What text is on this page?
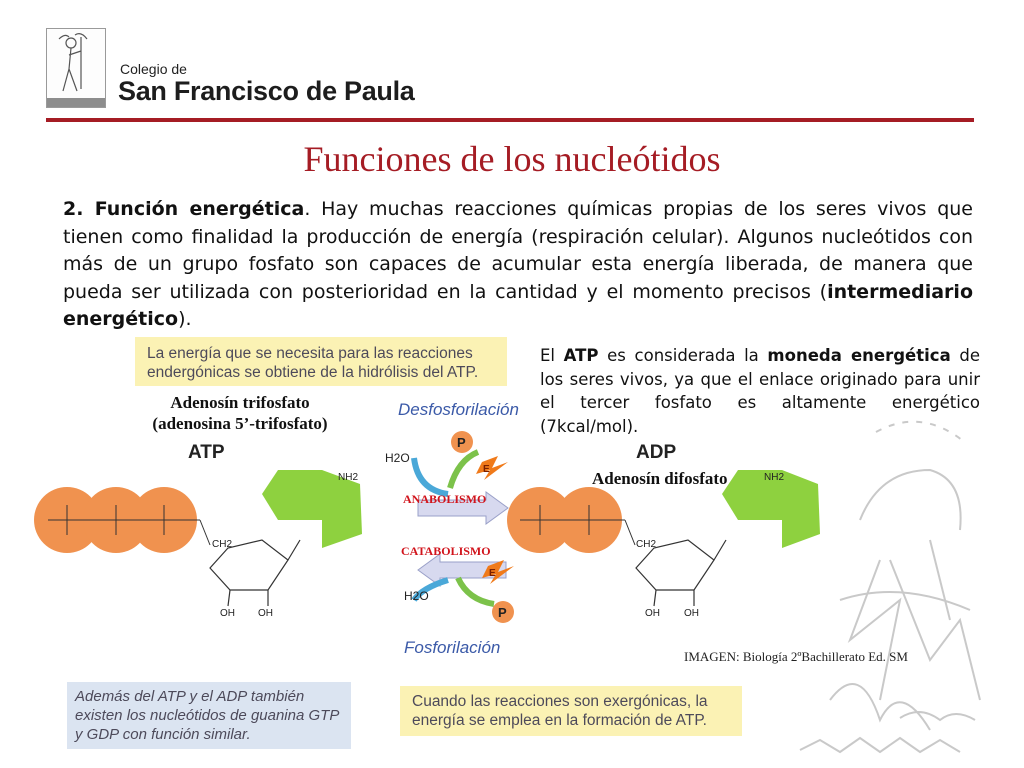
Colegio de
San Francisco de Paula
Funciones de los nucleótidos
2. Función energética. Hay muchas reacciones químicas propias de los seres vivos que tienen como finalidad la producción de energía (respiración celular). Algunos nucleótidos con más de un grupo fosfato son capaces de acumular esta energía liberada, de manera que pueda ser utilizada con posterioridad en la cantidad y el momento precisos (intermediario energético).
CH2
NH2
OH OH
CH2
NH2
OH OH
P
P
E
E
H2O
H2O
La energía que se necesita para las reacciones endergónicas se obtiene de la hidrólisis del ATP.
Adenosín trifosfato
(adenosina 5’-trifosfato)
ATP	ADP
Adenosín difosfato
Desfosforilación
Fosforilación
ANABOLISMO
CATABOLISMO
El ATP es considerada la moneda energética de los seres vivos, ya que el enlace originado para unir el tercer fosfato es altamente energético (7kcal/mol).
IMAGEN: Biología 2ºBachillerato Ed. SM
Además del ATP y el ADP también existen los nucleótidos de guanina GTP y GDP con función similar.
Cuando las reacciones son exergónicas, la energía se emplea en la formación de ATP.
